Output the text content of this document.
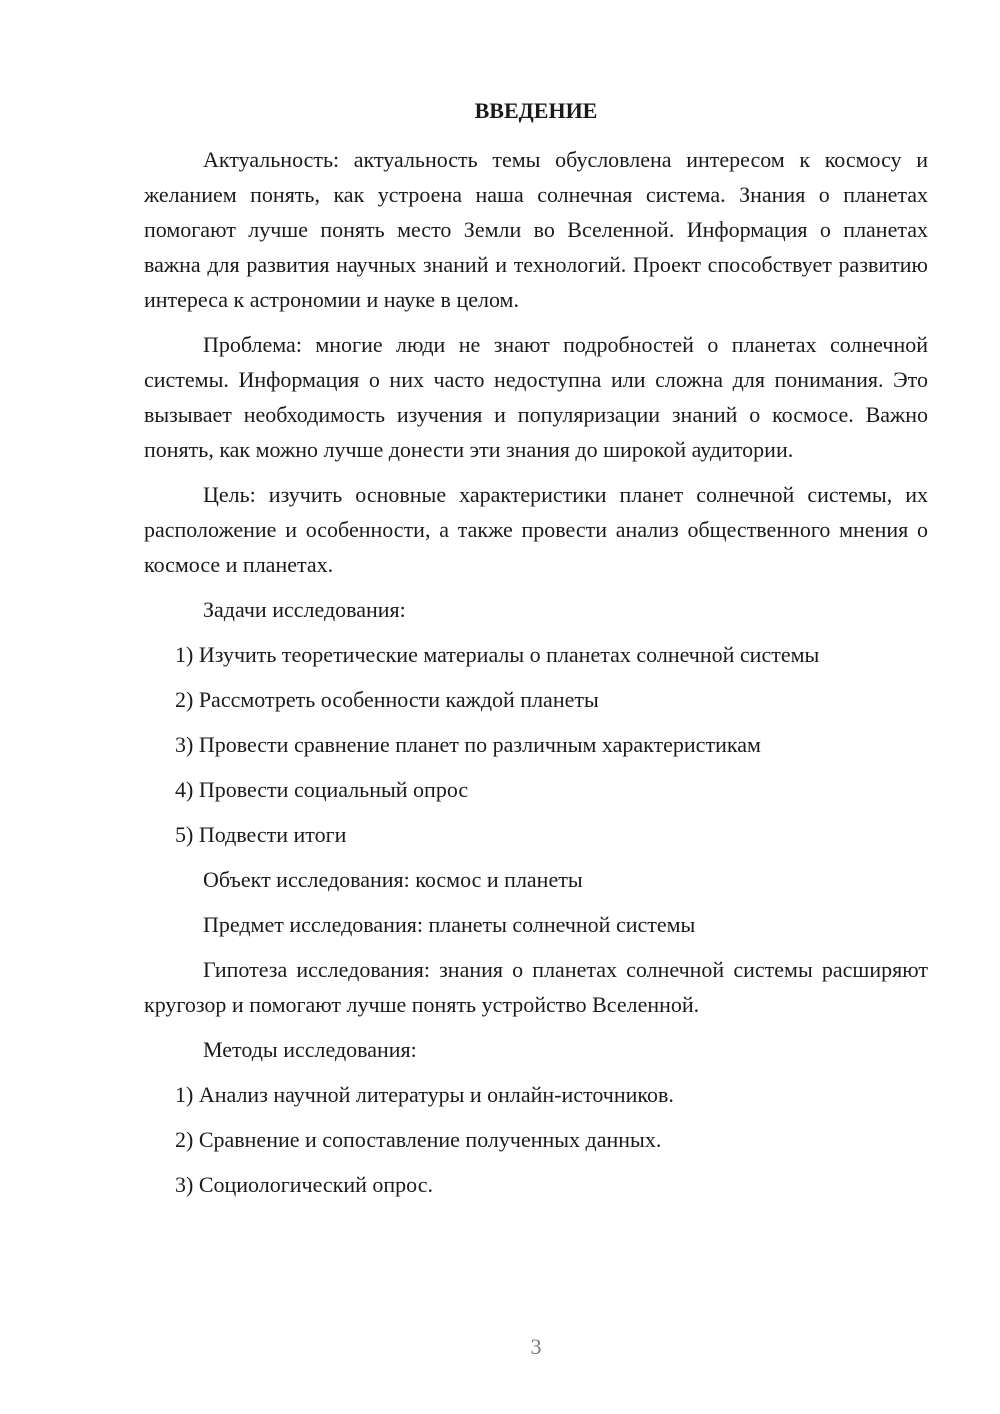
ВВЕДЕНИЕ

Актуальность: актуальность темы обусловлена интересом к космосу и желанием понять, как устроена наша солнечная система. Знания о планетах помогают лучше понять место Земли во Вселенной. Информация о планетах важна для развития научных знаний и технологий. Проект способствует развитию интереса к астрономии и науке в целом.

Проблема: многие люди не знают подробностей о планетах солнечной системы. Информация о них часто недоступна или сложна для понимания. Это вызывает необходимость изучения и популяризации знаний о космосе. Важно понять, как можно лучше донести эти знания до широкой аудитории.

Цель: изучить основные характеристики планет солнечной системы, их расположение и особенности, а также провести анализ общественного мнения о космосе и планетах.

Задачи исследования:
1) Изучить теоретические материалы о планетах солнечной системы
2) Рассмотреть особенности каждой планеты
3) Провести сравнение планет по различным характеристикам
4) Провести социальный опрос
5) Подвести итоги
Объект исследования: космос и планеты
Предмет исследования: планеты солнечной системы

Гипотеза исследования: знания о планетах солнечной системы расширяют кругозор и помогают лучше понять устройство Вселенной.

Методы исследования:
1) Анализ научной литературы и онлайн-источников.
2) Сравнение и сопоставление полученных данных.
3) Социологический опрос.
3
